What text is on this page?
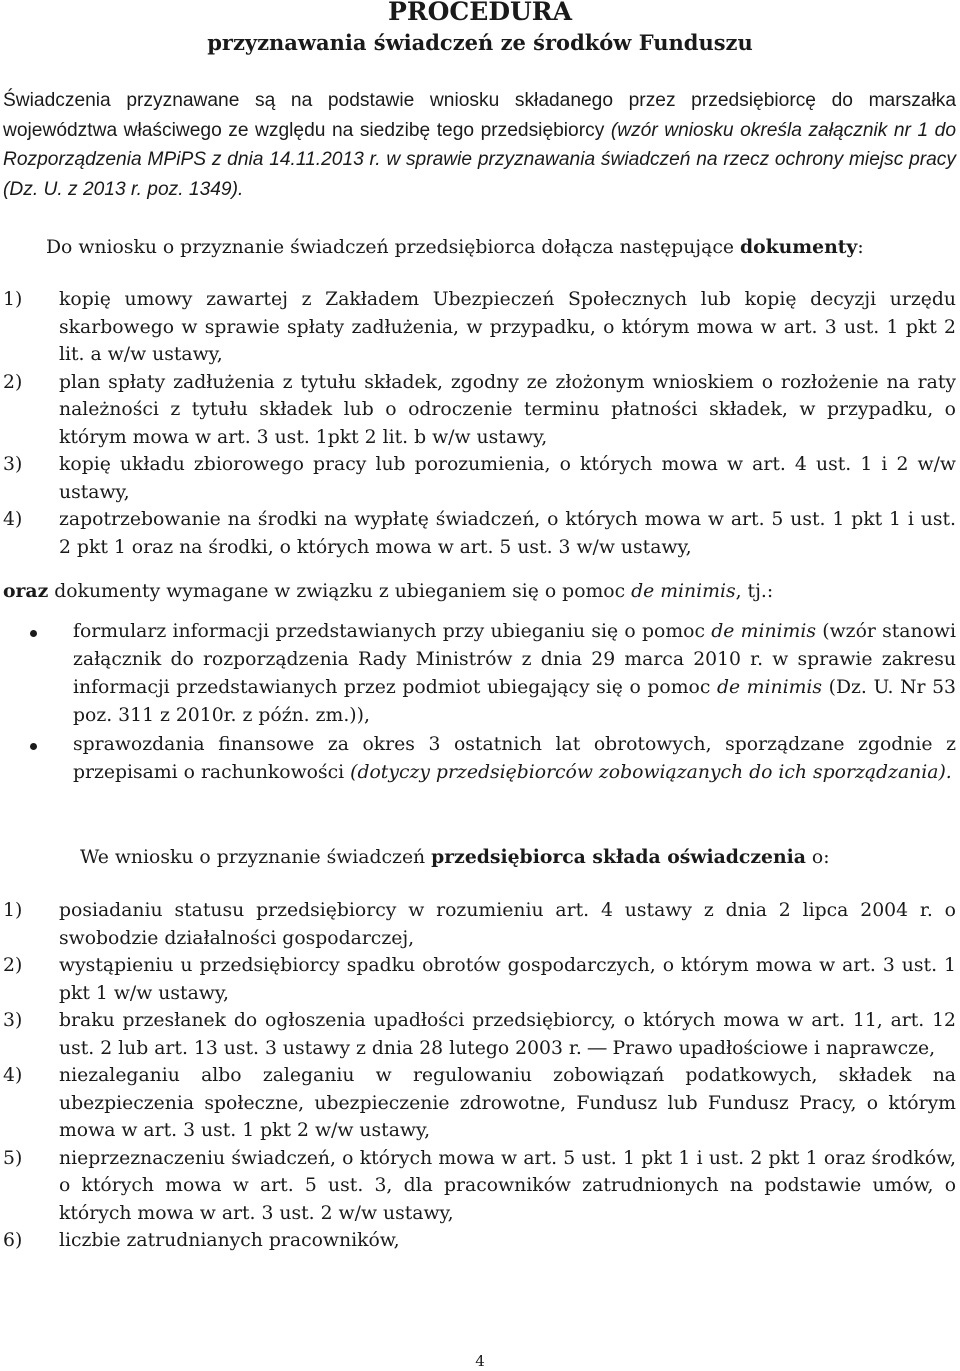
PROCEDURA

przyznawania świadczeń ze środków Funduszu

Świadczenia przyznawane są na podstawie wniosku składanego przez przedsiębiorcę do marszałka województwa właściwego ze względu na siedzibę tego przedsiębiorcy (wzór wniosku określa załącznik nr 1 do Rozporządzenia MPiPS z dnia 14.11.2013 r. w sprawie przyznawania świadczeń na rzecz ochrony miejsc pracy (Dz. U. z 2013 r. poz. 1349).

Do wniosku o przyznanie świadczeń przedsiębiorca dołącza następujące dokumenty:

1) kopię umowy zawartej z Zakładem Ubezpieczeń Społecznych lub kopię decyzji urzędu skarbowego w sprawie spłaty zadłużenia, w przypadku, o którym mowa w art. 3 ust. 1 pkt 2 lit. a w/w ustawy,
2) plan spłaty zadłużenia z tytułu składek, zgodny ze złożonym wnioskiem o rozłożenie na raty należności z tytułu składek lub o odroczenie terminu płatności składek, w przypadku, o którym mowa w art. 3 ust. 1pkt 2 lit. b w/w ustawy,
3) kopię układu zbiorowego pracy lub porozumienia, o których mowa w art. 4 ust. 1 i 2 w/w ustawy,
4) zapotrzebowanie na środki na wypłatę świadczeń, o których mowa w art. 5 ust. 1 pkt 1 i ust. 2 pkt 1 oraz na środki, o których mowa w art. 5 ust. 3 w/w ustawy,

oraz dokumenty wymagane w związku z ubieganiem się o pomoc de minimis, tj.:

formularz informacji przedstawianych przy ubieganiu się o pomoc de minimis (wzór stanowi załącznik do rozporządzenia Rady Ministrów z dnia 29 marca 2010 r. w sprawie zakresu informacji przedstawianych przez podmiot ubiegający się o pomoc de minimis (Dz. U. Nr 53 poz. 311 z 2010r. z późn. zm.)),
sprawozdania finansowe za okres 3 ostatnich lat obrotowych, sporządzane zgodnie z przepisami o rachunkowości (dotyczy przedsiębiorców zobowiązanych do ich sporządzania).

We wniosku o przyznanie świadczeń przedsiębiorca składa oświadczenia o:

1) posiadaniu statusu przedsiębiorcy w rozumieniu art. 4 ustawy z dnia 2 lipca 2004 r. o swobodzie działalności gospodarczej,
2) wystąpieniu u przedsiębiorcy spadku obrotów gospodarczych, o którym mowa w art. 3 ust. 1 pkt 1 w/w ustawy,
3) braku przesłanek do ogłoszenia upadłości przedsiębiorcy, o których mowa w art. 11, art. 12 ust. 2 lub art. 13 ust. 3 ustawy z dnia 28 lutego 2003 r. ― Prawo upadłościowe i naprawcze,
4) niezaleganiu albo zaleganiu w regulowaniu zobowiązań podatkowych, składek na ubezpieczenia społeczne, ubezpieczenie zdrowotne, Fundusz lub Fundusz Pracy, o którym mowa w art. 3 ust. 1 pkt 2 w/w ustawy,
5) nieprzeznaczeniu świadczeń, o których mowa w art. 5 ust. 1 pkt 1 i ust. 2 pkt 1 oraz środków, o których mowa w art. 5 ust. 3, dla pracowników zatrudnionych na podstawie umów, o których mowa w art. 3 ust. 2 w/w ustawy,
6) liczbie zatrudnianych pracowników,
4
